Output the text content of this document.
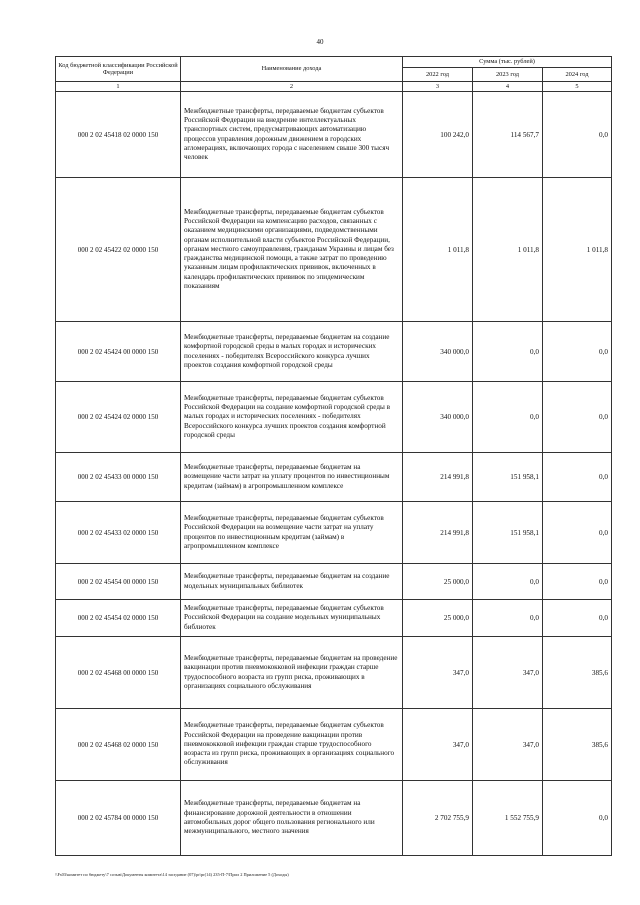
40
Код бюджетной классификации Российской Федерации	Наименование дохода	Сумма (тыс. рублей)		
		2022 год	2023 год	2024 год
1	2	3	4	5
000 2 02 45418 02 0000 150	Межбюджетные трансферты, передаваемые бюджетам субъектов Российской Федерации на внедрение интеллектуальных транспортных систем, предусматривающих автоматизацию процессов управления дорожным движением в городских агломерациях, включающих города с населением свыше 300 тысяч человек	100 242,0	114 567,7	0,0
000 2 02 45422 02 0000 150	Межбюджетные трансферты, передаваемые бюджетам субъектов Российской Федерации на компенсацию расходов, связанных с оказанием медицинскими организациями, подведомственными органам исполнительной власти субъектов Российской Федерации, органам местного самоуправления, гражданам Украины и лицам без гражданства медицинской помощи, а также затрат по проведению указанным лицам профилактических прививок, включенных в календарь профилактических прививок по эпидемическим показаниям	1 011,8	1 011,8	1 011,8
000 2 02 45424 00 0000 150	Межбюджетные трансферты, передаваемые бюджетам на создание комфортной городской среды в малых городах и исторических поселениях - победителях Всероссийского конкурса лучших проектов создания комфортной городской среды	340 000,0	0,0	0,0
000 2 02 45424 02 0000 150	Межбюджетные трансферты, передаваемые бюджетам субъектов Российской Федерации на создание комфортной городской среды в малых городах и исторических поселениях - победителях Всероссийского конкурса лучших проектов создания комфортной городской среды	340 000,0	0,0	0,0
000 2 02 45433 00 0000 150	Межбюджетные трансферты, передаваемые бюджетам на возмещение части затрат на уплату процентов по инвестиционным кредитам (займам) в агропромышленном комплексе	214 991,8	151 958,1	0,0
000 2 02 45433 02 0000 150	Межбюджетные трансферты, передаваемые бюджетам субъектов Российской Федерации на возмещение части затрат на уплату процентов по инвестиционным кредитам (займам) в агропромышленном комплексе	214 991,8	151 958,1	0,0
000 2 02 45454 00 0000 150	Межбюджетные трансферты, передаваемые бюджетам на создание модельных муниципальных библиотек	25 000,0	0,0	0,0
000 2 02 45454 02 0000 150	Межбюджетные трансферты, передаваемые бюджетам субъектов Российской Федерации на создание модельных муниципальных библиотек	25 000,0	0,0	0,0
000 2 02 45468 00 0000 150	Межбюджетные трансферты, передаваемые бюджетам на проведение вакцинации против пневмококковой инфекции граждан старше трудоспособного возраста из групп риска, проживающих в организациях социального обслуживания	347,0	347,0	385,6
000 2 02 45468 02 0000 150	Межбюджетные трансферты, передаваемые бюджетам субъектов Российской Федерации на проведение вакцинации против пневмококковой инфекции граждан старше трудоспособного возраста из групп риска, проживающих в организациях социального обслуживания	347,0	347,0	385,6
000 2 02 45784 00 0000 150	Межбюджетные трансферты, передаваемые бюджетам на финансирование дорожной деятельности в отношении автомобильных дорог общего пользования регионального или межмуниципального, местного значения	2 702 755,9	1 552 755,9	0,0
\\Fs03\комитет по бюджету\7 созыв\Документы комитета\14 заседание (07)\pr\pr(14) 235-П-7\Прил 2 Приложение 5 (Доходы)
